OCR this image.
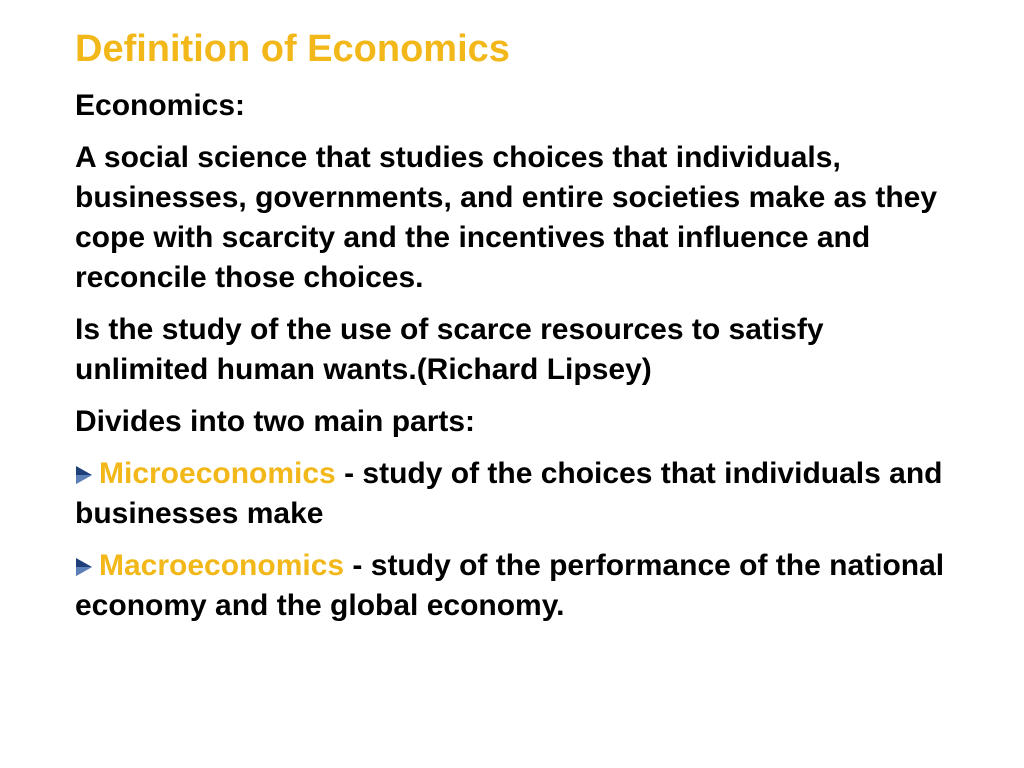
Definition of Economics
Economics:
A social science that studies choices that individuals, businesses, governments, and entire societies make as they cope with scarcity and the incentives that influence and reconcile those choices.
Is the study of the use of scarce resources to satisfy unlimited human wants.(Richard Lipsey)
Divides into two main parts:
Microeconomics - study of the choices that individuals and businesses make
Macroeconomics - study of the performance of the national economy and the global economy.
